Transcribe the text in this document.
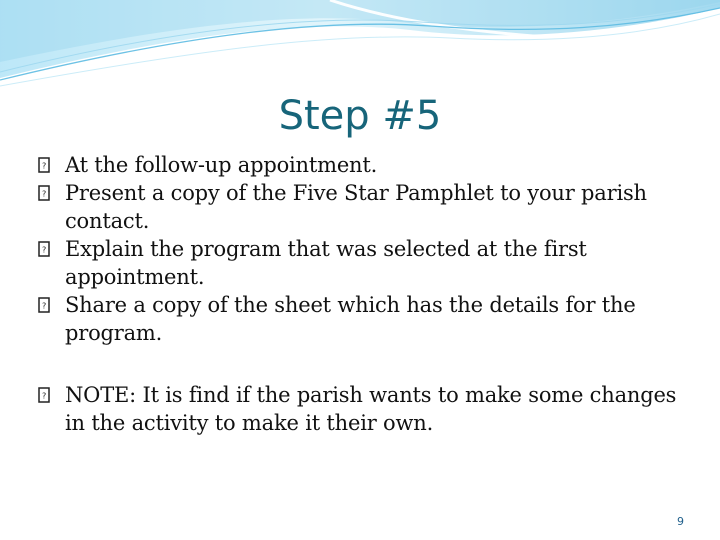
Step #5
? At the follow-up appointment.
? Present a copy of the Five Star Pamphlet to your parish contact.
? Explain the program that was selected at the first appointment.
? Share a copy of the sheet which has the details for the program.
? NOTE: It is find if the parish wants to make some changes in the activity to make it their own.
9
